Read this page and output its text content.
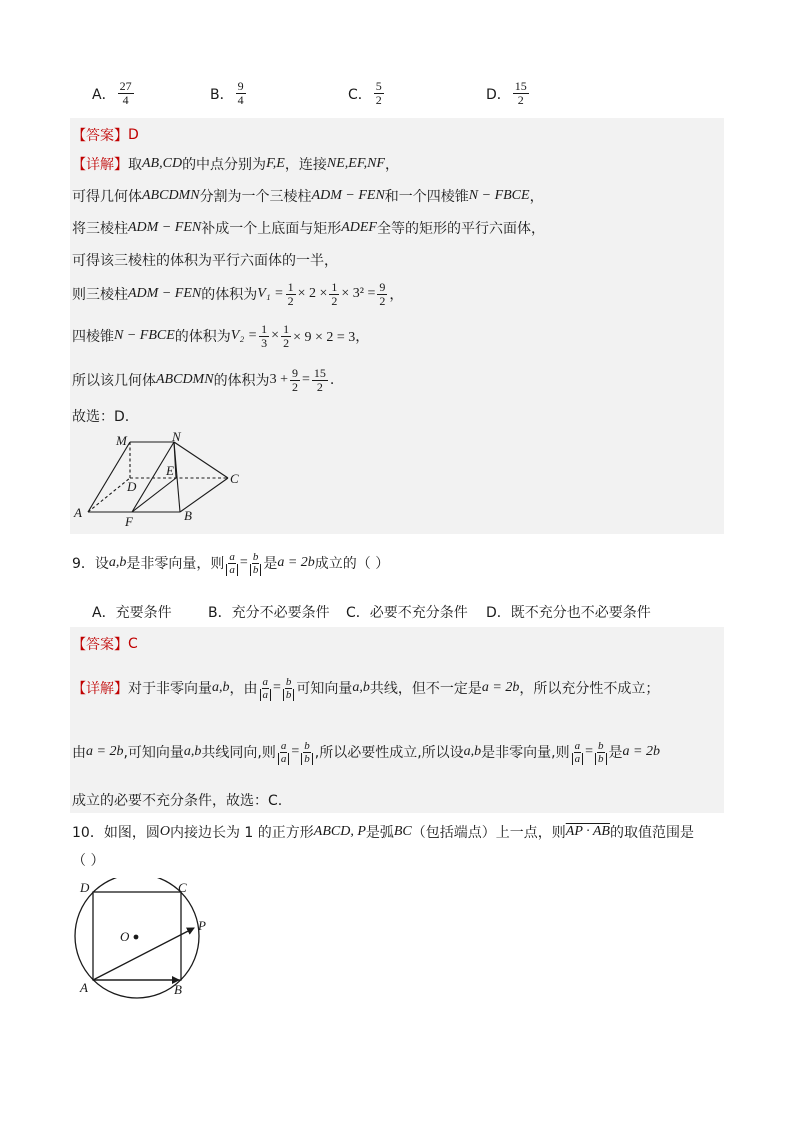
A． $\frac{27}{4}$	B． $\frac{9}{4}$	C． $\frac{5}{2}$	D． $\frac{15}{2}$
【答案】 D
【详解】 取 AB,CD 的中点分别为 F,E ，连接 NE,EF,NF ，
可得几何体 ABCDMN 分割为一个三棱柱 ADM − FEN 和一个四棱锥 N − FBCE ，
将三棱柱 ADM − FEN 补成一个上底面与矩形 ADEF 全等的矩形的平行六面体，
可得该三棱柱的体积为平行六面体的一半，
则三棱柱 ADM − FEN 的体积为 $V_1 = \frac{1}{2} \times 2 \times \frac{1}{2} \times 3^2 = \frac{9}{2}$ ，
四棱锥 N − FBCE 的体积为 $V_2 = \frac{1}{3} \times \frac{1}{2} \times 9 \times 2 = 3$，
所以该几何体 ABCDMN 的体积为 $3 + \frac{9}{2} = \frac{15}{2}$ .
故选：D.
M	N
E
D
C
A
F	B
9．设 a,b 是非零向量，则 $\frac{a}{a} = \frac{b}{b}$ 是 a = 2b 成立的（ ）
A．充要条件	B．充分不必要条件 C．必要不充分条件 D．既不充分也不必要条件
【答案】 C
【详解】 对于非零向量 a,b ，由 $\frac{a}{a} = \frac{b}{b}$ 可知向量 a,b 共线，但不一定是 a = 2b ，所以充分性不成立；
由 a = 2b ,可知向量 a,b 共线同向,则 $\frac{a}{a} = \frac{b}{b}$ ,所以必要性成立,所以设 a,b 是非零向量,则 $\frac{a}{a} = \frac{b}{b}$ 是 a = 2b
成立的必要不充分条件，故选：C.
10．如图，圆 O 内接边长为 1 的正方形 ABCD, P 是弧 BC （包括端点）上一点，则 AP · AB 的取值范围是
（ ）
D	C
O
P
A	B
